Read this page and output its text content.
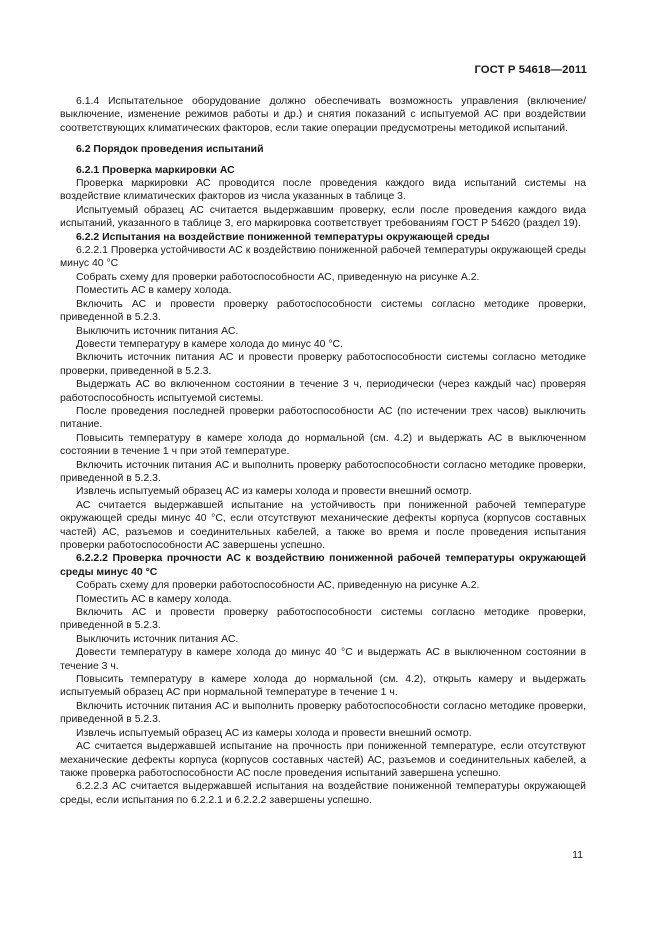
ГОСТ Р 54618—2011

6.1.4 Испытательное оборудование должно обеспечивать возможность управления (включение/выключение, изменение режимов работы и др.) и снятия показаний с испытуемой АС при воздействии соответствующих климатических факторов, если такие операции предусмотрены методикой испытаний.

6.2 Порядок проведения испытаний

6.2.1 Проверка маркировки АС

Проверка маркировки АС проводится после проведения каждого вида испытаний системы на воздействие климатических факторов из числа указанных в таблице 3.

Испытуемый образец АС считается выдержавшим проверку, если после проведения каждого вида испытаний, указанного в таблице 3, его маркировка соответствует требованиям ГОСТ Р 54620 (раздел 19).

6.2.2 Испытания на воздействие пониженной температуры окружающей среды

6.2.2.1 Проверка устойчивости АС к воздействию пониженной рабочей температуры окружающей среды минус 40 °С

Собрать схему для проверки работоспособности АС, приведенную на рисунке А.2.

Поместить АС в камеру холода.

Включить АС и провести проверку работоспособности системы согласно методике проверки, приведенной в 5.2.3.

Выключить источник питания АС.

Довести температуру в камере холода до минус 40 °С.

Включить источник питания АС и провести проверку работоспособности системы согласно методике проверки, приведенной в 5.2.3.

Выдержать АС во включенном состоянии в течение 3 ч, периодически (через каждый час) проверяя работоспособность испытуемой системы.

После проведения последней проверки работоспособности АС (по истечении трех часов) выключить питание.

Повысить температуру в камере холода до нормальной (см. 4.2) и выдержать АС в выключенном состоянии в течение 1 ч при этой температуре.

Включить источник питания АС и выполнить проверку работоспособности согласно методике проверки, приведенной в 5.2.3.

Извлечь испытуемый образец АС из камеры холода и провести внешний осмотр.

АС считается выдержавшей испытание на устойчивость при пониженной рабочей температуре окружающей среды минус 40 °С, если отсутствуют механические дефекты корпуса (корпусов составных частей) АС, разъемов и соединительных кабелей, а также во время и после проведения испытания проверки работоспособности АС завершены успешно.

6.2.2.2 Проверка прочности АС к воздействию пониженной рабочей температуры окружающей среды минус 40 °С

Собрать схему для проверки работоспособности АС, приведенную на рисунке А.2.

Поместить АС в камеру холода.

Включить АС и провести проверку работоспособности системы согласно методике проверки, приведенной в 5.2.3.

Выключить источник питания АС.

Довести температуру в камере холода до минус 40 °С и выдержать АС в выключенном состоянии в течение 3 ч.

Повысить температуру в камере холода до нормальной (см. 4.2), открыть камеру и выдержать испытуемый образец АС при нормальной температуре в течение 1 ч.

Включить источник питания АС и выполнить проверку работоспособности согласно методике проверки, приведенной в 5.2.3.

Извлечь испытуемый образец АС из камеры холода и провести внешний осмотр.

АС считается выдержавшей испытание на прочность при пониженной температуре, если отсутствуют механические дефекты корпуса (корпусов составных частей) АС, разъемов и соединительных кабелей, а также проверка работоспособности АС после проведения испытаний завершена успешно.

6.2.2.3 АС считается выдержавшей испытания на воздействие пониженной температуры окружающей среды, если испытания по 6.2.2.1 и 6.2.2.2 завершены успешно.

11
